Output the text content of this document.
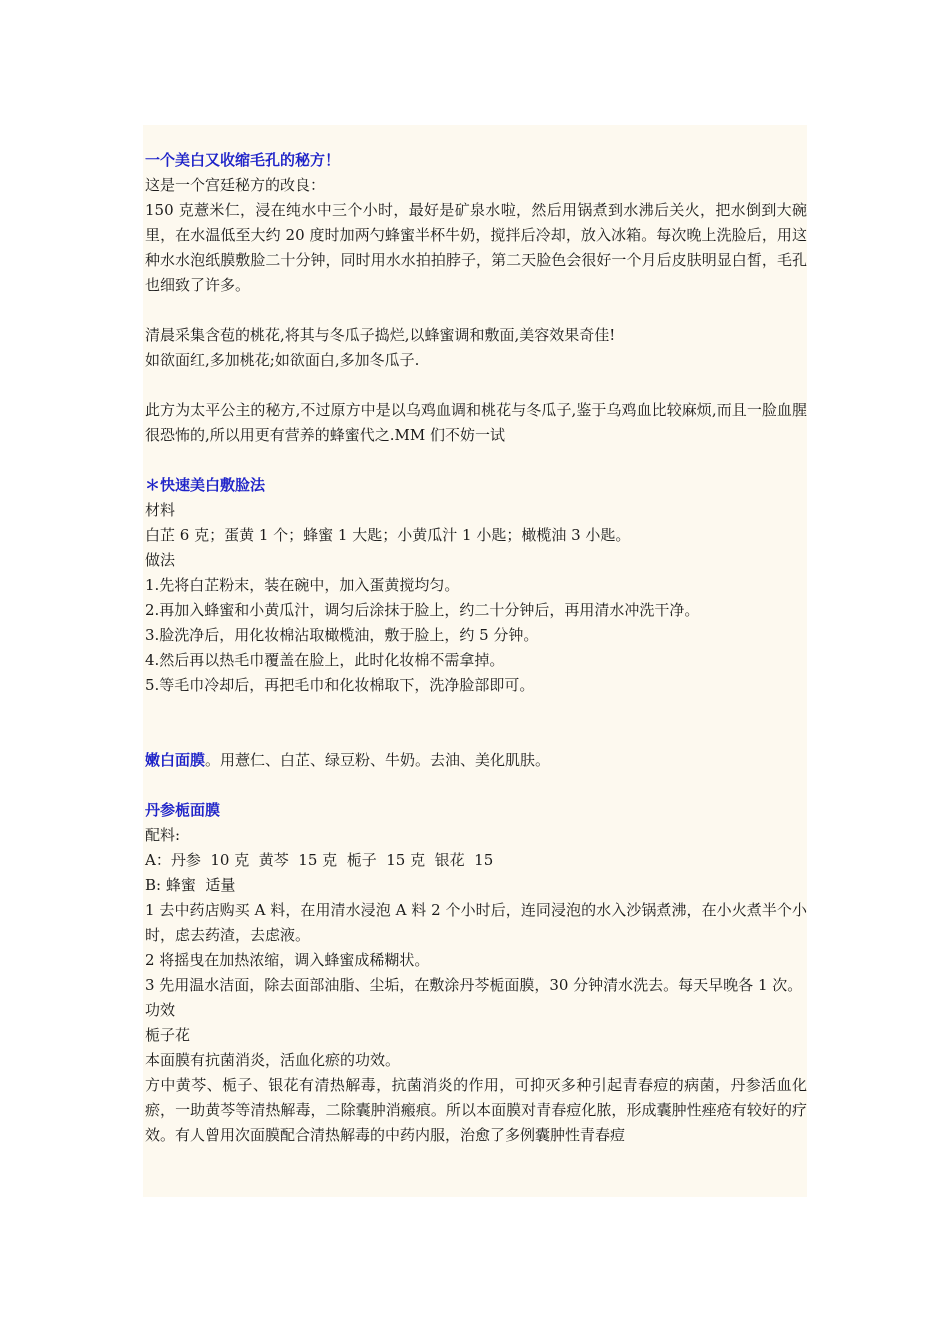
一个美白又收缩毛孔的秘方！
这是一个宫廷秘方的改良：
150 克薏米仁，浸在纯水中三个小时，最好是矿泉水啦，然后用锅煮到水沸后关火，把水倒到大碗里，在水温低至大约 20 度时加两勺蜂蜜半杯牛奶，搅拌后冷却，放入冰箱。每次晚上洗脸后，用这种水水泡纸膜敷脸二十分钟，同时用水水拍拍脖子，第二天脸色会很好一个月后皮肤明显白皙，毛孔也细致了许多。
清晨采集含苞的桃花,将其与冬瓜子捣烂,以蜂蜜调和敷面,美容效果奇佳!
如欲面红,多加桃花;如欲面白,多加冬瓜子.
此方为太平公主的秘方,不过原方中是以乌鸡血调和桃花与冬瓜子,鉴于乌鸡血比较麻烦,而且一脸血腥很恐怖的,所以用更有营养的蜂蜜代之.MM 们不妨一试
＊快速美白敷脸法
材料
白芷 6 克；蛋黄 1 个；蜂蜜 1 大匙；小黄瓜汁 1 小匙；橄榄油 3 小匙。
做法
1.先将白芷粉末，装在碗中，加入蛋黄搅均匀。
2.再加入蜂蜜和小黄瓜汁，调匀后涂抹于脸上，约二十分钟后，再用清水冲洗干净。
3.脸洗净后，用化妆棉沾取橄榄油，敷于脸上，约 5 分钟。
4.然后再以热毛巾覆盖在脸上，此时化妆棉不需拿掉。
5.等毛巾冷却后，再把毛巾和化妆棉取下，洗净脸部即可。
嫩白面膜。用薏仁、白芷、绿豆粉、牛奶。去油、美化肌肤。
丹参栀面膜
配料:
A：丹参  10 克  黄芩  15 克  栀子  15 克  银花  15
B: 蜂蜜  适量
1 去中药店购买 A 料，在用清水浸泡 A 料 2 个小时后，连同浸泡的水入沙锅煮沸，在小火煮半个小时，虑去药渣，去虑液。
2 将摇曳在加热浓缩，调入蜂蜜成稀糊状。
3 先用温水洁面，除去面部油脂、尘垢，在敷涂丹芩栀面膜，30 分钟清水洗去。每天早晚各 1 次。
功效
栀子花
本面膜有抗菌消炎，活血化瘀的功效。
方中黄芩、栀子、银花有清热解毒，抗菌消炎的作用，可抑灭多种引起青春痘的病菌，丹参活血化瘀，一助黄芩等清热解毒，二除囊肿消瘢痕。所以本面膜对青春痘化脓，形成囊肿性痤疮有较好的疗效。有人曾用次面膜配合清热解毒的中药内服，治愈了多例囊肿性青春痘
